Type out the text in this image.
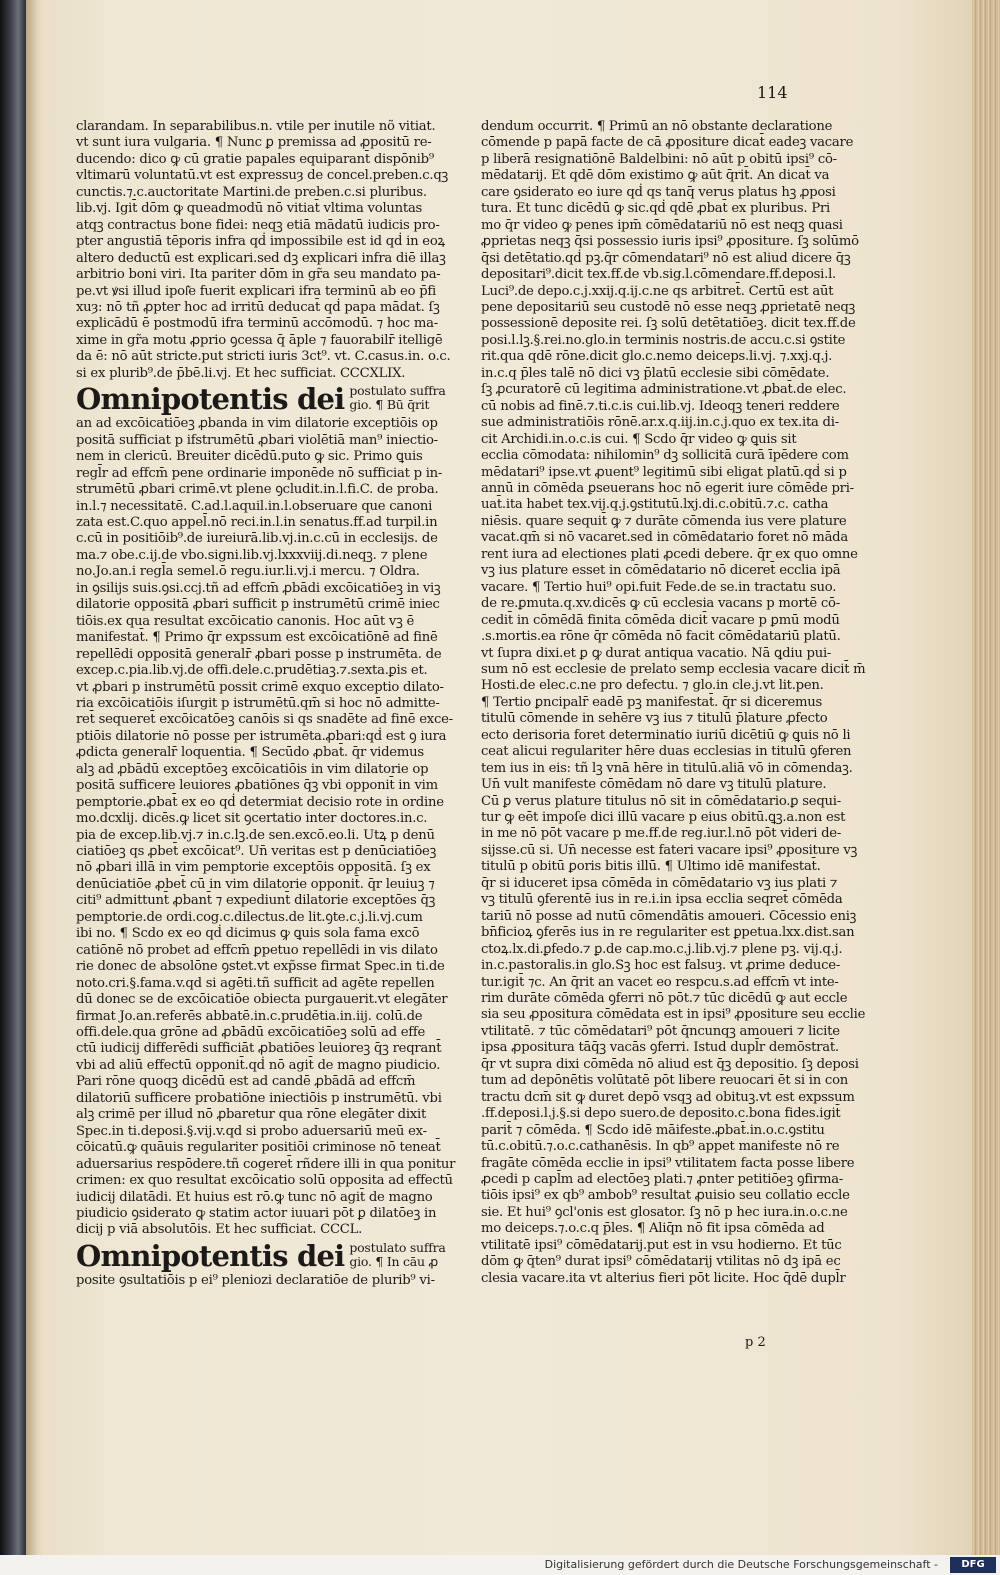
114

clarandam. In separabilibus.n. vtile per inutile nõ vitiat.

vt sunt iura vulgaria. ¶ Nunc ꝑ premissa ad ꝓpositū re-

ducendo: dico ꝙ cū gratie papales equiparant̄ dispōnib⁹

vltimarū voluntatū.vt est expressuȝ de concel.preben.c.qꝫ

cunctis.⁊.c.auctoritate Martini.de preben.c.si pluribus.

lib.vj. Igit̄ dōm ꝙ queadmodū nō vitiat̄ vltima voluntas

atqꝫ contractus bone fidei: neqꝫ etiā mādatū iudicis pro-

pter angustiā tēporis infra qḋ impossibile est id qḋ in eoꝝ

altero deductū est explicari.sed dꝫ explicari infra diē illaꝫ

arbitrio boni viri. Ita pariter dōm in gr̃a seu mandato pa-

pe.vt ꝟsi illud ipoſ͂e fuerit explicari ifra terminū ab eo p̄fi

xuȝ: nō tñ ꝓpter hoc ad irritū deducat̄ qḋ papa mādat. ſꝫ

explicādū ē postmodū ifra terminū accōmodū. ⁊ hoc ma-

xime in gr̃a motu ꝓprio ꝯcessa q̄ āple ⁊ fauorabilr̄ itelligē

da ē: nō aūt stricte.put stricti iuris 3ct⁹. vt. C.casus.in. o.c.

si ex plurib⁹.de p̄bē.li.vj. Et hec sufficiat. CCCXLIX.

Omnipotentis dei postulato suffra
gio. ¶ Bū q̄rit

an ad excōicatiōeꝫ ꝓbanda in vim dilatorie exceptiōis op

positā sufficiat p ifstrumētū ꝓbari violētiā man⁹ iniectio-

nem in clericū. Breuiter dicēdū.puto ꝙ sic. Primo ꝗuis

regl̄r ad effcm̄ pene ordinarie imponēde nō sufficiat p in-

strumētū ꝓbari crimē.vt plene ꝯcludit.in.l.fi.C. de proba.

in.l.⁊ necessitatē. C.ad.l.aquil.in.l.obseruare que canoni

zata est.C.quo appel̄.nō reci.in.l.in senatus.ff.ad turpil.in

c.cū in positiōib⁹.de iureiurā.lib.vj.in.c.cū in ecclesijs. de

ma.⁊ obe.c.ij.de vbo.signi.lib.vj.lxxxviij.di.neqꝫ. ⁊ plene

no.Jo.an.i regl̄a semel.ō regu.iur.li.vj.i mercu. ⁊ Oldra.

in ꝯsilijs suis.ꝯsi.ccj.tñ ad effcm̄ ꝓbādi excōicatiōeꝫ in viꝫ

dilatorie oppositā ꝓbari sufficit p instrumētū crimē iniec

tiōis.ex qua resultat excōicatio canonis. Hoc aūt vꝫ ē

manifestat̄. ¶ Primo q̄r expssum est excōicatiōnē ad finē

repellēdi oppositā generalr̄ ꝓbari posse p instrumēta. de

excep.c.pia.lib.vj.de offi.dele.c.prudētiaꝫ.⁊.sexta.ꝑis et.

vt ꝓbari p instrumētū possit crimē exquo exceptio dilato-

ria excōicatiōis iſurgit p istrumētū.qm̄ si hoc nō admitte-

ret̄ sequeret̄ excōicatōeꝫ canōis si qs snadēte ad finē exce-

ptiōis dilatorie nō posse per istrumēta.ꝓbari:qḋ est ꝯ iura

ꝓdicta generalr̄ loquentia. ¶ Secūdo ꝓbat̄. q̄r videmus

alꝫ ad ꝓbādū exceptōeꝫ excōicatiōis in vim dilatorie op

positā sufficere leuiores ꝓbatiōnes q̄ꝫ vbi opponit̄ in vim

pemptorie.ꝓbat̄ ex eo qḋ determiat decisio rote in ordine

mo.dcxlij. dicēs.ꝙ licet sit ꝯcertatio inter doctores.in.c.

pia de excep.lib.vj.⁊ in.c.lꝫ.de sen.excō.eo.li. Utꝝ p denū

ciatiōeꝫ qs ꝓbet̄ excōicat⁹. Un̄ veritas est p denūciatiōeꝫ

nō ꝓbari illā in vim pemptorie exceptōis oppositā. ſꝫ ex

denūciatiōe ꝓbet̄ cū in vim dilatorie opponit̄. q̄r leuiuꝫ ⁊

citi⁹ admittunt̄ ꝓbant̄ ⁊ expediunt̄ dilatorie exceptōes q̄ꝫ

pemptorie.de ordi.cog.c.dilectus.de lit.ꝯte.c.j.li.vj.cum

ibi no. ¶ Scdo ex eo qḋ dicimus ꝙ ꝗuis sola fama excō

catiōnē nō probet ad effcm̄ ꝑpetuo repellēdi in vis dilato

rie donec de absolōne ꝯstet.vt exp̃sse firmat Spec.in ti.de

noto.cri.§.fama.v.qd si agēti.tñ sufficit ad agēte repellen

dū donec se de excōicatiōe obiecta purgauerit.vt elegāter

firmat Jo.an.referēs abbatē.in.c.prudētia.in.iij. colū.de

offi.dele.qua grōne ad ꝓbādū excōicatiōeꝫ solū ad effe

ctū iudicij differēdi sufficiāt ꝓbatiōes leuioreꝫ q̄ꝫ reqrant̄

vbi ad aliū effectū opponit̄.qḋ nō agit̄ de magno piudicio.

Pari rōne quoqꝫ dicēdū est ad candē ꝓbādā ad effcm̄

dilatoriū sufficere probatiōne iniectiōis p instrumētū. vbi

alꝫ crimē per illud nō ꝓbaretur qua rōne elegāter dixit

Spec.in ti.deposi.§.vij.v.qd si probo aduersariū meū ex-

cōicatū.ꝙ quāuis regulariter positiōi criminose nō teneat̄

aduersarius respōdere.tñ cogeret̄ rñdere illi in qua ponitur

crimen: ex quo resultat excōicatio solū opposita ad effectū

iudicij dilatādi. Et huius est rō.ꝙ tunc nō agit̄ de magno

piudicio ꝯsiderato ꝙ statim actor iuuari pōt ꝑ dilatōeꝫ in

dicij p viā absolutōis. Et hec sufficiat. CCCL.

Omnipotentis dei postulato suffra
gio. ¶ In cāu ꝓ

posite ꝯsultatiōis p ei⁹ pleniozi declaratiōe de plurib⁹ vi-

dendum occurrit. ¶ Primū an nō obstante declaratione

cōmende p papā facte de cā ꝓpositure dicat̄ eadeꝫ vacare

p liberā resignatiōnē Baldelbini: nō aūt p obitū ipsi⁹ cō-

mēdatarij. Et qdē dōm existimo ꝙ aūt q̄rit̄. An dicat̄ va

care ꝯsiderato eo iure qḋ qs tanq̄ verus platus hꝫ ꝓposi

tura. Et tunc dicēdū ꝙ sic.qḋ qdē ꝓbat̄ ex pluribus. Pri

mo q̄r video ꝙ penes ipm̄ cōmēdatariū nō est neqꝫ quasi

ꝓprietas neqꝫ q̄si possessio iuris ipsi⁹ ꝓpositure. ſꝫ solūmō

q̄si detētatio.qḋ pꝫ.q̄r cōmendatari⁹ nō est aliud dicere q̄ꝫ

depositari⁹.dicit tex.ff.de vb.sig.l.cōmendare.ff.deposi.l.

Luci⁹.de depo.c.j.xxij.q.ij.c.ne qs arbitret̄. Certū est aūt

pene depositariū seu custodē nō esse neqꝫ ꝓprietatē neqꝫ

possessionē deposite rei. ſꝫ solū detētatiōeꝫ. dicit tex.ff.de

posi.l.lꝫ.§.rei.no.glo.in terminis nostris.de accu.c.si ꝯstite

rit.qua qdē rōne.dicit glo.c.nemo deiceps.li.vj. ⁊.xxj.q.j.

in.c.q p̄les talē nō dici vꝫ p̄latū ecclesie sibi cōmēdate.

ſꝫ ꝓcuratorē cū legitima administratione.vt ꝓbat̄.de elec.

cū nobis ad finē.⁊.ti.c.is cui.lib.vj. Ideoqꝫ teneri reddere

sue administratiōis rōnē.ar.x.q.iij.in.c.j.quo ex tex.ita di-

cit Archidi.in.o.c.is cui. ¶ Scdo q̄r video ꝙ ꝗuis sit

ecclia cōmodata: nihilomin⁹ dꝫ sollicitā curā īpēdere com

mēdatari⁹ ipse.vt ꝓuent⁹ legitimū sibi eligat platū.qḋ si p

annū in cōmēda ꝑseuerans hoc nō egerit iure cōmēde pri-

uat̄.ita habet tex.vij.q.j.ꝯstitutū.lxj.di.c.obitū.⁊.c. catha

niēsis. quare sequit̄ ꝙ ⁊ durāte cōmenda ius vere plature

vacat.qm̄ si nō vacaret.sed in cōmēdatario foret nō māda

rent iura ad electiones plati ꝓcedi debere. q̄r ex quo omne

vꝫ ius plature esset in cōmēdatario nō diceret̄ ecclia ipā

vacare. ¶ Tertio hui⁹ opi.fuit Fede.de se.in tractatu suo.

de re.ꝑmuta.q.xv.dicēs ꝙ cū ecclesia vacans p mortē cō-

cedit̄ in cōmēdā finita cōmēda dicit̄ vacare p ꝑmū modū

.s.mortis.ea rōne q̄r cōmēda nō facit cōmēdatariū platū.

vt ſupra dixi.et ꝑ ꝙ durat antiqua vacatio. Nā ꝗdiu pui-

sum nō est ecclesie de prelato semp ecclesia vacare dicit̄ m̄

Hosti.de elec.c.ne pro defectu. ⁊ glo.in cle.j.vt lit.pen.

¶ Tertio ꝑncipalr̄ eadē pꝫ manifestat̄. q̄r si diceremus

titulū cōmende in sehēre vꝫ ius ⁊ titulū p̄lature ꝓfecto

ecto derisoria foret determinatio iuriū dicētiū ꝙ ꝗuis nō li

ceat alicui regulariter hēre duas ecclesias in titulū ꝯferen

tem ius in eis: tñ lꝫ vnā hēre in titulū.aliā vō in cōmendaꝫ.

Un̄ vult manifeste cōmēdam nō dare vꝫ titulū plature.

Cū ꝑ verus plature titulus nō sit in cōmēdatario.ꝑ sequi-

tur ꝙ eēt impoſe dici illū vacare p eius obitū.ꝗꝫ.a.non est

in me nō pōt vacare p me.ff.de reg.iur.l.nō pōt videri de-

sijsse.cū si. Un̄ necesse est fateri vacare ipsi⁹ ꝓpositure vꝫ

titulū p obitū ꝑoris bitis illū. ¶ Ultimo idē manifestat̄.

q̄r si iduceret ipsa cōmēda in cōmēdatario vꝫ ius plati ⁊

vꝫ titulū ꝯferentē ius in re.i.in ipsa ecclia seqret̄ cōmēda

tariū nō posse ad nutū cōmendātis amoueri. Cōcessio eniꝫ

bn̄ficioꝝ ꝯferēs ius in re regulariter est ꝑpetua.lxx.dist.san

ctoꝝ.lx.di.ꝑfedo.⁊ ꝑ.de cap.mo.c.j.lib.vj.⁊ plene pꝫ. vij.q.j.

in.c.pastoralis.in glo.Sꝫ hoc est falsuȝ. vt ꝓrime deduce-

tur.igit̄ ⁊c. An q̄rit an vacet eo respcu.s.ad effcm̄ vt inte-

rim durāte cōmēda ꝯferri nō pōt.⁊ tūc dicēdū ꝙ aut eccle

sia seu ꝓpositura cōmēdata est in ipsi⁹ ꝓpositure seu ecclie

vtilitatē. ⁊ tūc cōmēdatari⁹ pōt q̄ncunqꝫ amoueri ⁊ licite

ipsa ꝓpositura tāq̄ꝫ vacās ꝯferri. Istud dupl̄r demōstrat̄.

q̄r vt supra dixi cōmēda nō aliud est q̄ꝫ depositio. ſꝫ deposi

tum ad depōnētis volūtatē pōt libere reuocari ēt si in con

tractu dcm̄ sit ꝙ duret depō vsqꝫ ad obituꝫ.vt est expssum

.ff.deposi.l.j.§.si depo suero.de deposito.c.bona fides.igit̄

parit̄ ⁊ cōmēda. ¶ Scdo idē māifeste.ꝓbat̄.in.o.c.ꝯstitu

tū.c.obitū.⁊.o.c.cathanēsis. In qb⁹ appet manifeste nō re

fragāte cōmēda ecclie in ipsi⁹ vtilitatem facta posse libere

ꝓcedi p capl̄m ad electōeꝫ plati.⁊ ꝓnter petitiōeꝫ ꝯfirma-

tiōis ipsi⁹ ex qb⁹ ambob⁹ resultat ꝓuisio seu collatio eccle

sie. Et hui⁹ ꝯcl'onis est glosator. ſꝫ nō p hec iura.in.o.c.ne

mo deiceps.⁊.o.c.q p̄les. ¶ Aliq̄n nō fit ipsa cōmēda ad

vtilitatē ipsi⁹ cōmēdatarij.put est in vsu hodierno. Et tūc

dōm ꝙ q̄ten⁹ durat ipsi⁹ cōmēdatarij vtilitas nō dꝫ ipā ec

clesia vacare.ita vt alterius fieri pōt licite. Hoc q̄dē dupl̄r

p 2
Digitalisierung gefördert durch die Deutsche Forschungsgemeinschaft -	DFG
